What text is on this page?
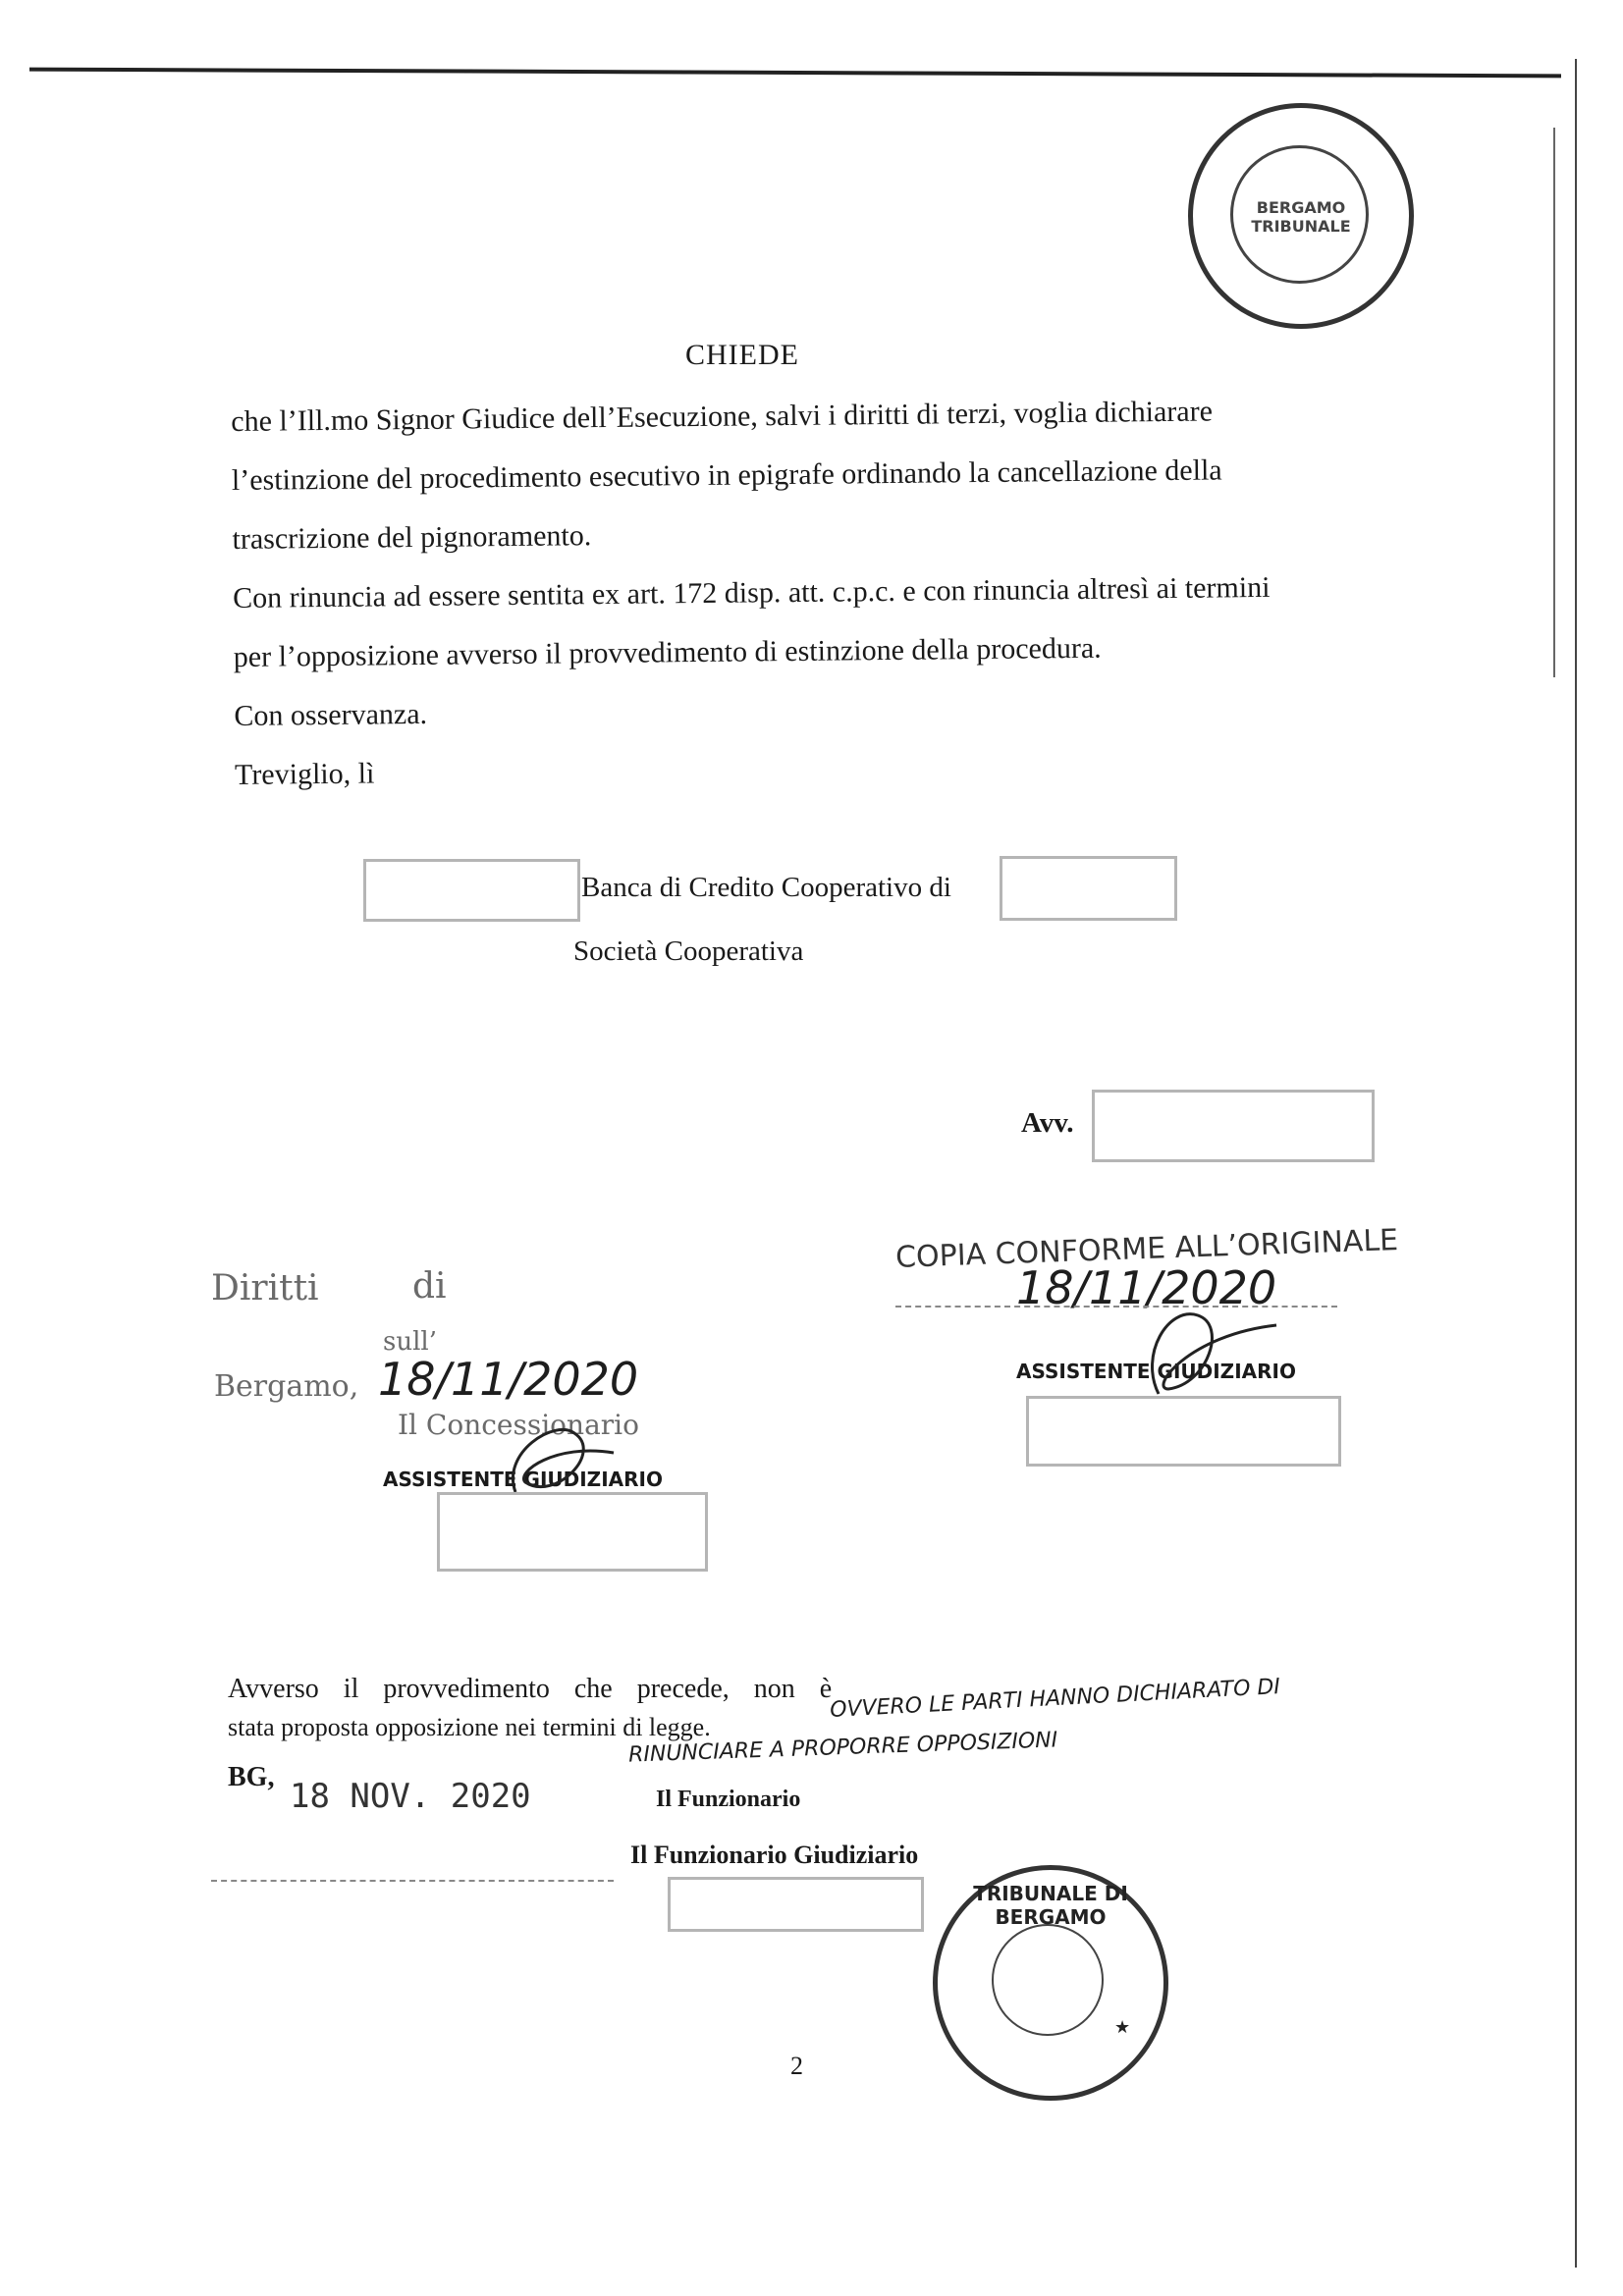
BERGAMO TRIBUNALE
CHIEDE

che l’Ill.mo Signor Giudice dell’Esecuzione, salvi i diritti di terzi, voglia dichiarare l’estinzione del procedimento esecutivo in epigrafe ordinando la cancellazione della trascrizione del pignoramento.

Con rinuncia ad essere sentita ex art. 172 disp. att. c.p.c. e con rinuncia altresì ai termini per l’opposizione avverso il provvedimento di estinzione della procedura.

Con osservanza.

Treviglio, lì

Banca di Credito Cooperativo di
Società Cooperativa
Avv.
Diritti	di
sull’
Bergamo, 18/11/2020
Il Concessionario
ASSISTENTE GIUDIZIARIO
COPIA CONFORME ALL’ORIGINALE
18/11/2020
ASSISTENTE GIUDIZIARIO
Avverso il provvedimento che precede, non è
stata proposta opposizione nei termini di legge.
OVVERO LE PARTI HANNO DICHIARATO DI
RINUNCIARE A PROPORRE OPPOSIZIONI
BG, 18 NOV. 2020	Il Funzionario
Il Funzionario Giudiziario
TRIBUNALE DI BERGAMO
★
2
